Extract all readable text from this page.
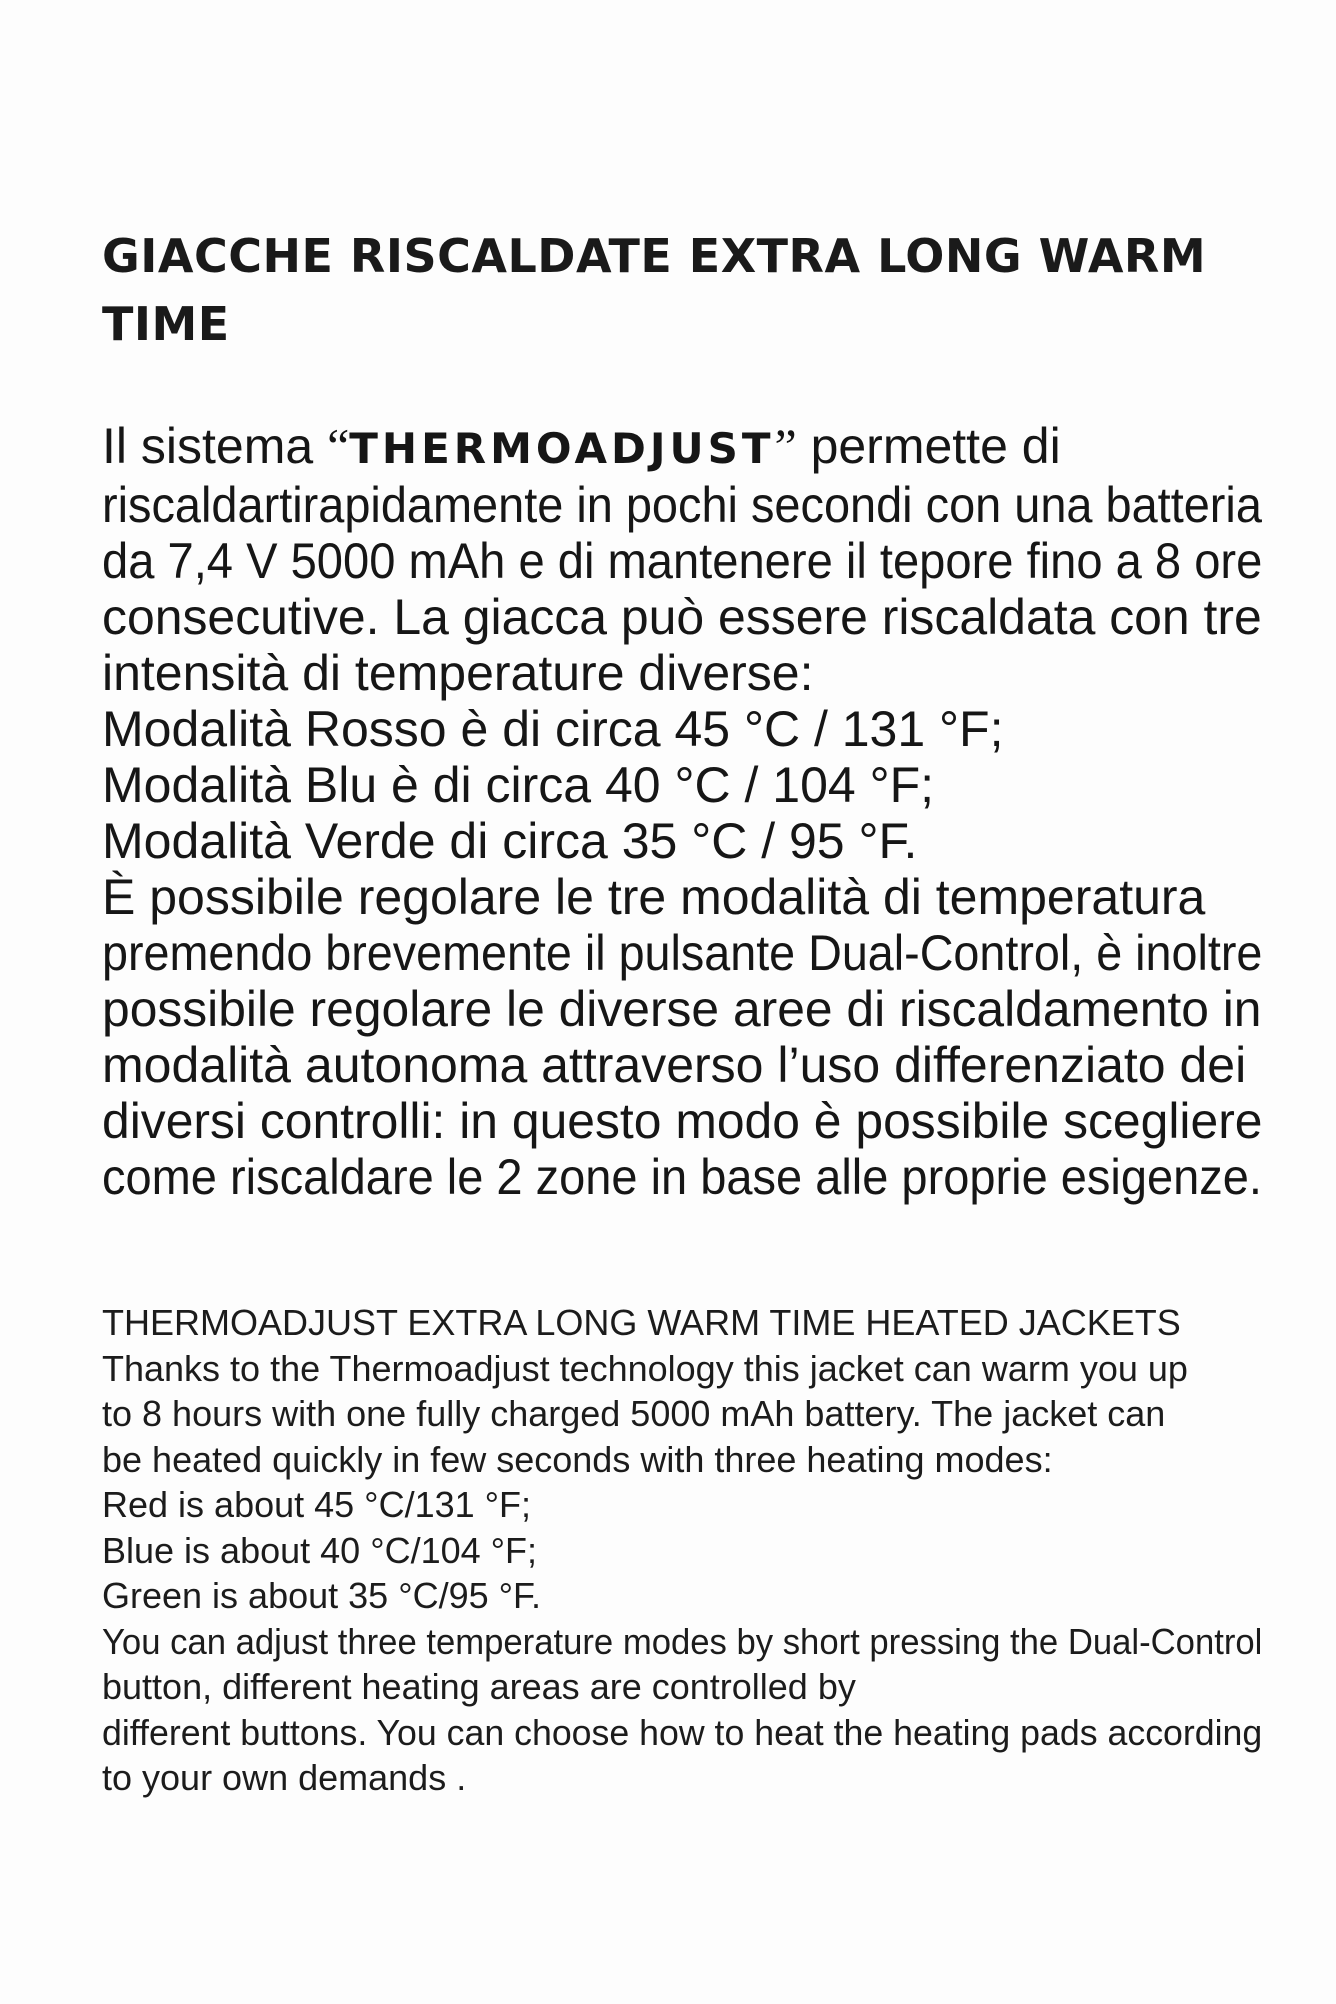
GIACCHE RISCALDATE EXTRA LONG WARM
TIME
Il sistema “THERMOADJUST” permette di
riscaldartirapidamente in pochi secondi con una batteria
da 7,4 V 5000 mAh e di mantenere il tepore fino a 8 ore
consecutive. La giacca può essere riscaldata con tre
intensità di temperature diverse:
Modalità Rosso è di circa 45 °C / 131 °F;
Modalità Blu è di circa 40 °C / 104 °F;
Modalità Verde di circa 35 °C / 95 °F.
È possibile regolare le tre modalità di temperatura
premendo brevemente il pulsante Dual-Control, è inoltre
possibile regolare le diverse aree di riscaldamento in
modalità autonoma attraverso l’uso differenziato dei
diversi controlli: in questo modo è possibile scegliere
come riscaldare le 2 zone in base alle proprie esigenze.
THERMOADJUST EXTRA LONG WARM TIME HEATED JACKETS
Thanks to the Thermoadjust technology this jacket can warm you up
to 8 hours with one fully charged 5000 mAh battery. The jacket can
be heated quickly in few seconds with three heating modes:
Red is about 45 °C/131 °F;
Blue is about 40 °C/104 °F;
Green is about 35 °C/95 °F.
You can adjust three temperature modes by short pressing the Dual-Control
button, different heating areas are controlled by
different buttons. You can choose how to heat the heating pads according
to your own demands .
